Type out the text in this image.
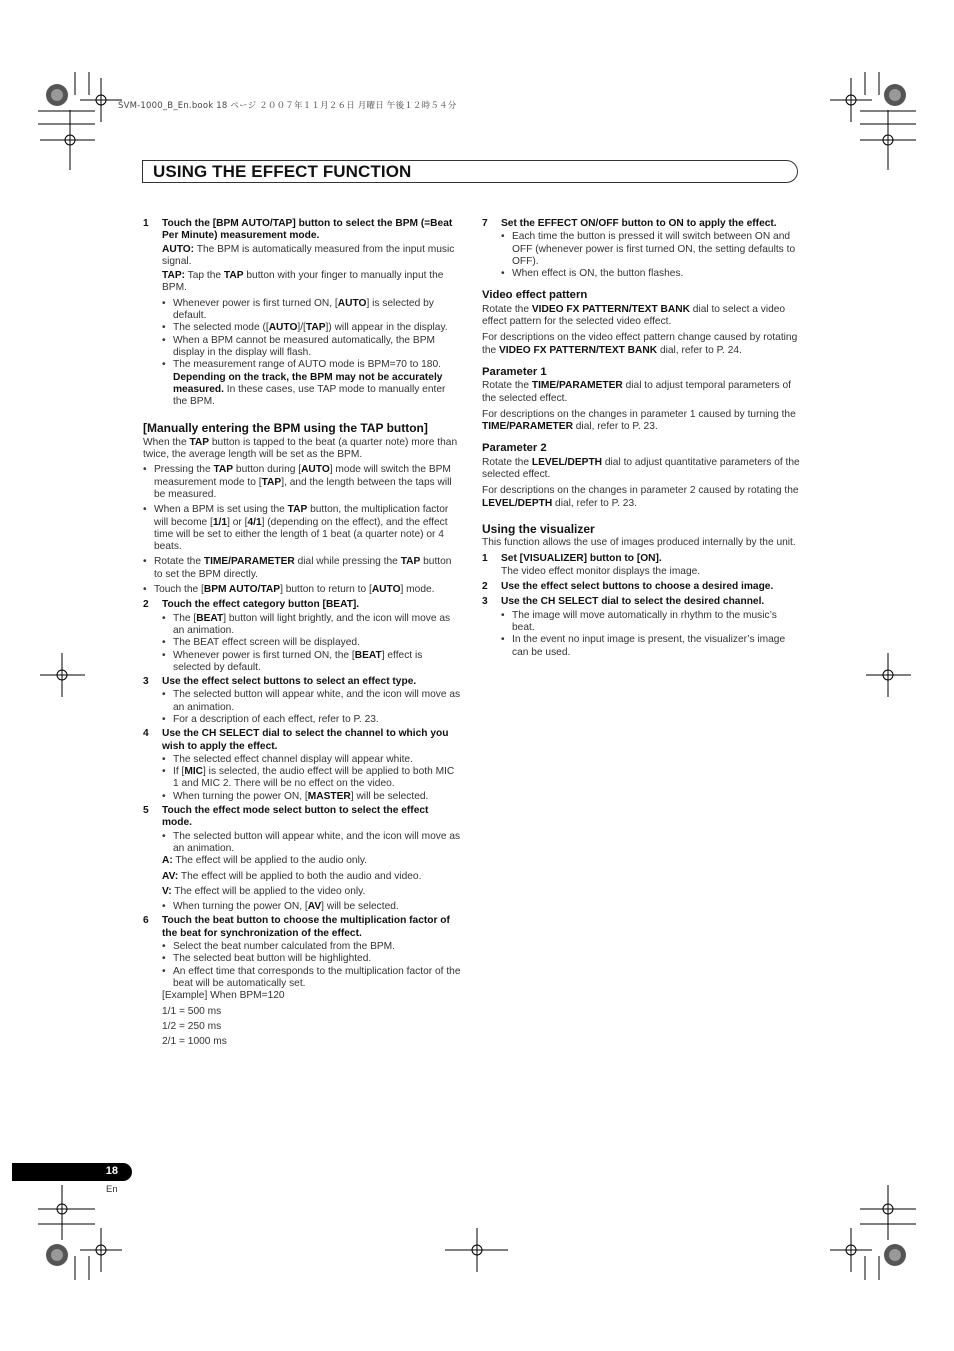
SVM-1000_B_En.book 18 ページ ２００７年１１月２６日 月曜日 午後１２時５４分
USING THE EFFECT FUNCTION

1 Touch the [BPM AUTO/TAP] button to select the BPM (=Beat Per Minute) measurement mode.

AUTO: The BPM is automatically measured from the input music signal.

TAP: Tap the TAP button with your finger to manually input the BPM.

• Whenever power is first turned ON, [AUTO] is selected by default.

• The selected mode ([AUTO]/[TAP]) will appear in the display.

• When a BPM cannot be measured automatically, the BPM display in the display will flash.

• The measurement range of AUTO mode is BPM=70 to 180. Depending on the track, the BPM may not be accurately measured. In these cases, use TAP mode to manually enter the BPM.

[Manually entering the BPM using the TAP button]

When the TAP button is tapped to the beat (a quarter note) more than twice, the average length will be set as the BPM.

• Pressing the TAP button during [AUTO] mode will switch the BPM measurement mode to [TAP], and the length between the taps will be measured.

• When a BPM is set using the TAP button, the multiplication factor will become [1/1] or [4/1] (depending on the effect), and the effect time will be set to either the length of 1 beat (a quarter note) or 4 beats.

• Rotate the TIME/PARAMETER dial while pressing the TAP button to set the BPM directly.

• Touch the [BPM AUTO/TAP] button to return to [AUTO] mode.

2 Touch the effect category button [BEAT].

• The [BEAT] button will light brightly, and the icon will move as an animation.

• The BEAT effect screen will be displayed.

• Whenever power is first turned ON, the [BEAT] effect is selected by default.

3 Use the effect select buttons to select an effect type.

• The selected button will appear white, and the icon will move as an animation.

• For a description of each effect, refer to P. 23.

4 Use the CH SELECT dial to select the channel to which you wish to apply the effect.

• The selected effect channel display will appear white.

• If [MIC] is selected, the audio effect will be applied to both MIC 1 and MIC 2. There will be no effect on the video.

• When turning the power ON, [MASTER] will be selected.

5 Touch the effect mode select button to select the effect mode.

• The selected button will appear white, and the icon will move as an animation.

A: The effect will be applied to the audio only.

AV: The effect will be applied to both the audio and video.

V: The effect will be applied to the video only.

• When turning the power ON, [AV] will be selected.

6 Touch the beat button to choose the multiplication factor of the beat for synchronization of the effect.

• Select the beat number calculated from the BPM.

• The selected beat button will be highlighted.

• An effect time that corresponds to the multiplication factor of the beat will be automatically set.

[Example] When BPM=120

1/1 = 500 ms

1/2 = 250 ms

2/1 = 1000 ms

7 Set the EFFECT ON/OFF button to ON to apply the effect.

• Each time the button is pressed it will switch between ON and OFF (whenever power is first turned ON, the setting defaults to OFF).

• When effect is ON, the button flashes.

Video effect pattern

Rotate the VIDEO FX PATTERN/TEXT BANK dial to select a video effect pattern for the selected video effect.

For descriptions on the video effect pattern change caused by rotating the VIDEO FX PATTERN/TEXT BANK dial, refer to P. 24.

Parameter 1

Rotate the TIME/PARAMETER dial to adjust temporal parameters of the selected effect.

For descriptions on the changes in parameter 1 caused by turning the TIME/PARAMETER dial, refer to P. 23.

Parameter 2

Rotate the LEVEL/DEPTH dial to adjust quantitative parameters of the selected effect.

For descriptions on the changes in parameter 2 caused by rotating the LEVEL/DEPTH dial, refer to P. 23.

Using the visualizer

This function allows the use of images produced internally by the unit.

1 Set [VISUALIZER] button to [ON].

The video effect monitor displays the image.

2 Use the effect select buttons to choose a desired image.

3 Use the CH SELECT dial to select the desired channel.

• The image will move automatically in rhythm to the music’s beat.

• In the event no input image is present, the visualizer’s image can be used.

18
En
